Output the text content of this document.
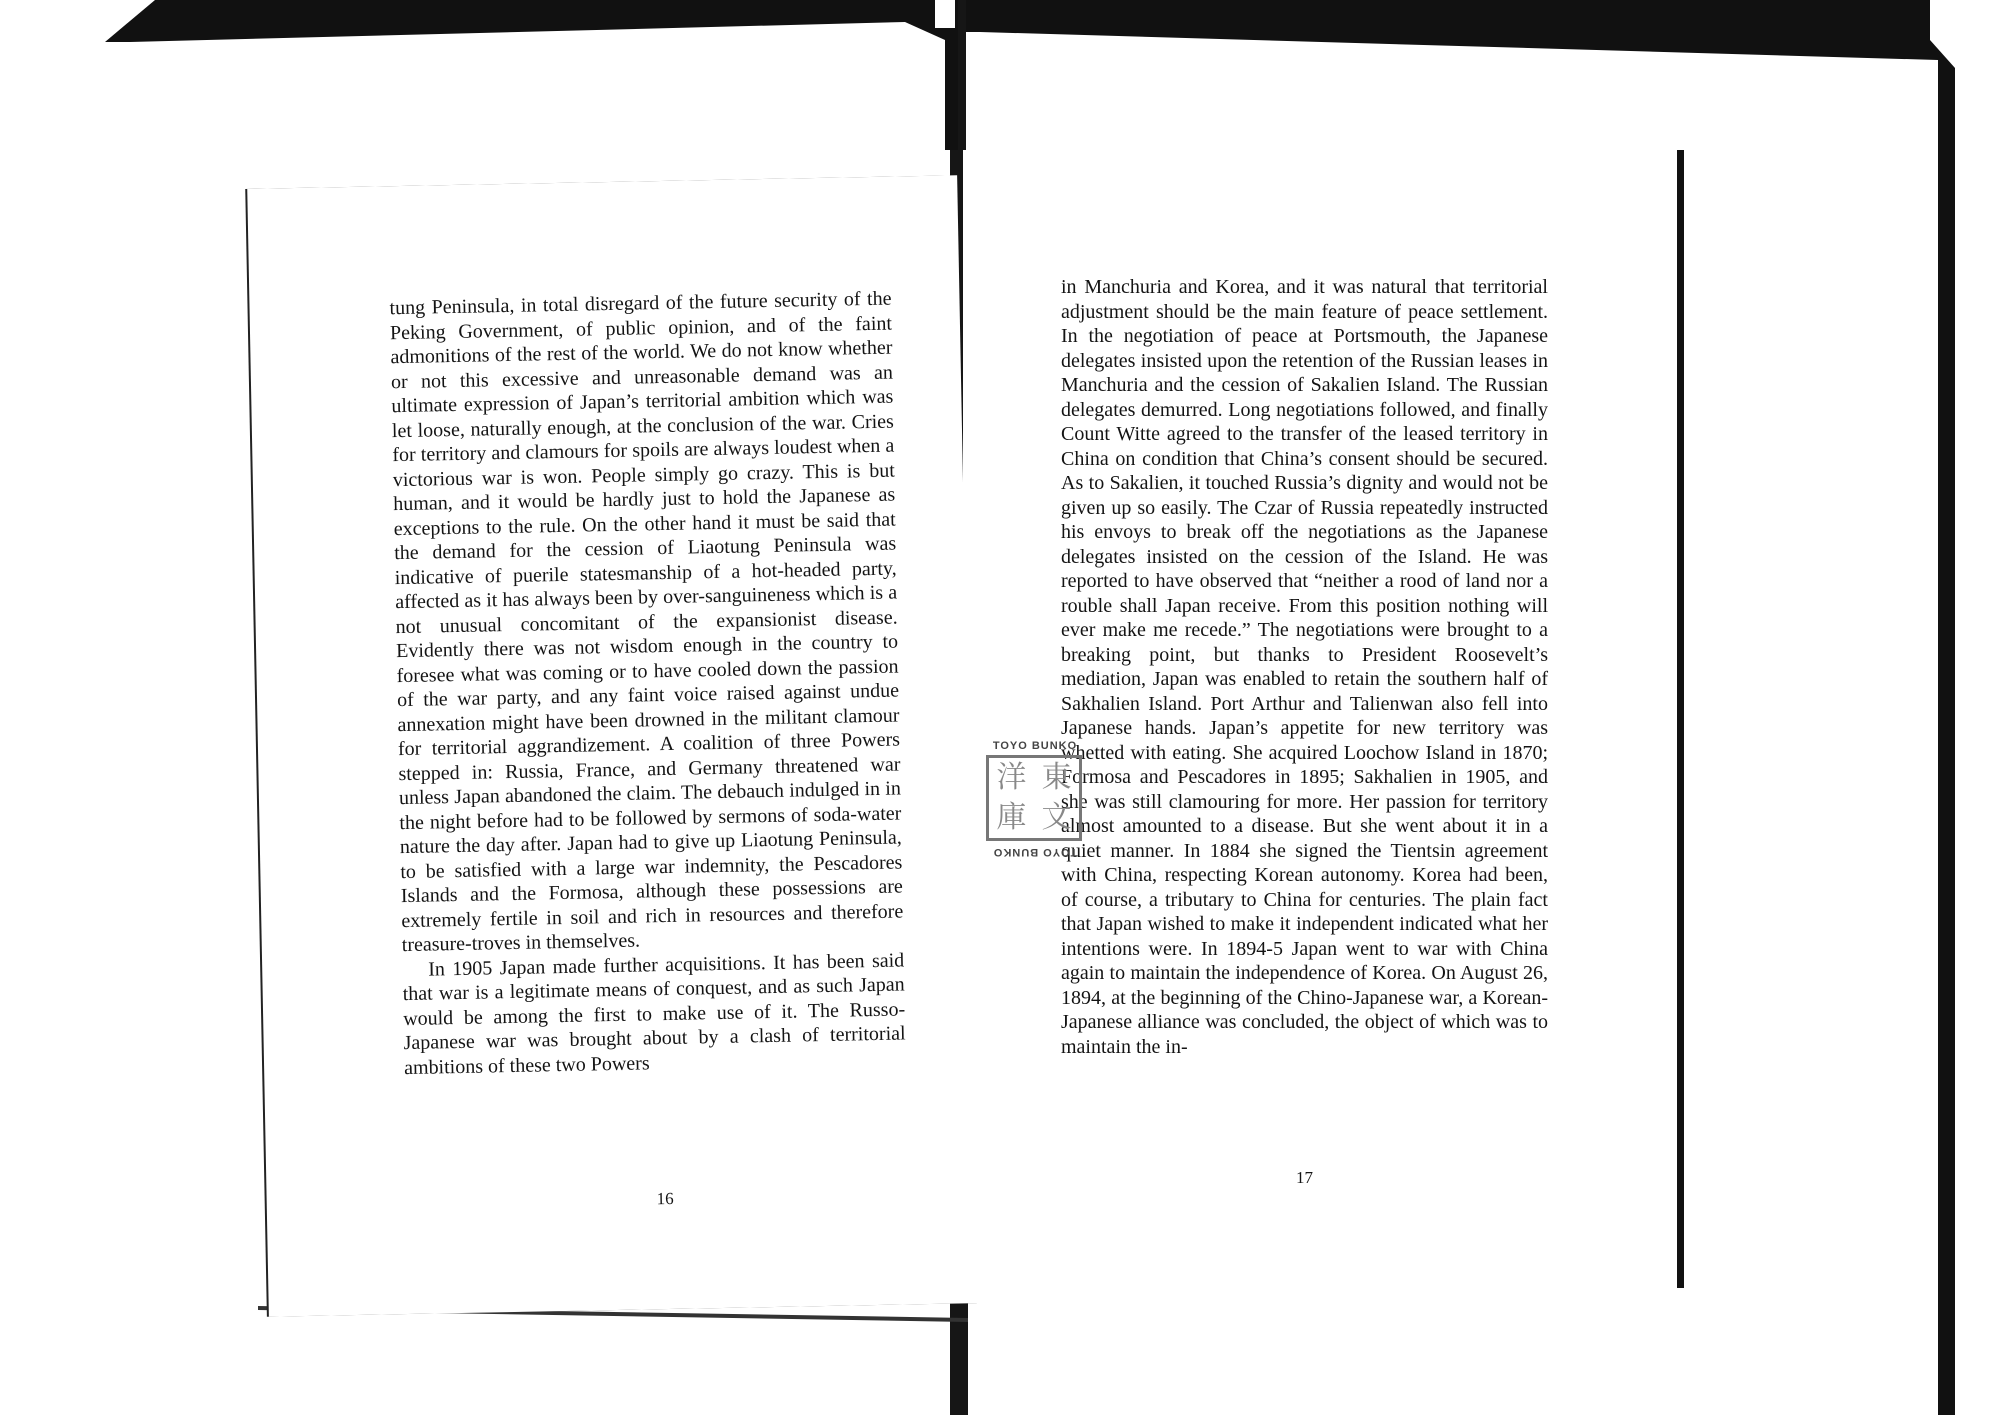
tung Peninsula, in total disregard of the future security of the Peking Government, of public opinion, and of the faint admonitions of the rest of the world. We do not know whether or not this excessive and unreasonable demand was an ultimate expression of Japan’s territorial ambition which was let loose, naturally enough, at the conclusion of the war. Cries for territory and clamours for spoils are always loudest when a victorious war is won. People simply go crazy. This is but human, and it would be hardly just to hold the Japanese as exceptions to the rule. On the other hand it must be said that the demand for the cession of Liaotung Peninsula was indicative of puerile statesmanship of a hot-headed party, affected as it has always been by over-sanguineness which is a not unusual concomitant of the expansionist disease. Evidently there was not wisdom enough in the country to foresee what was coming or to have cooled down the passion of the war party, and any faint voice raised against undue annexation might have been drowned in the militant clamour for territorial aggrandizement. A coalition of three Powers stepped in: Russia, France, and Germany threatened war unless Japan abandoned the claim. The debauch indulged in in the night before had to be followed by sermons of soda-water nature the day after. Japan had to give up Liaotung Peninsula, to be satisfied with a large war indemnity, the Pescadores Islands and the Formosa, although these possessions are extremely fertile in soil and rich in resources and therefore treasure-troves in themselves.

In 1905 Japan made further acquisitions. It has been said that war is a legitimate means of conquest, and as such Japan would be among the first to make use of it. The Russo-Japanese war was brought about by a clash of territorial ambitions of these two Powers

16

in Manchuria and Korea, and it was natural that territorial adjustment should be the main feature of peace settlement. In the negotiation of peace at Portsmouth, the Japanese delegates insisted upon the retention of the Russian leases in Manchuria and the cession of Sakalien Island. The Russian delegates demurred. Long negotiations followed, and finally Count Witte agreed to the transfer of the leased territory in China on condition that China’s consent should be secured. As to Sakalien, it touched Russia’s dignity and would not be given up so easily. The Czar of Russia repeatedly instructed his envoys to break off the negotiations as the Japanese delegates insisted on the cession of the Island. He was reported to have observed that “neither a rood of land nor a rouble shall Japan receive. From this position nothing will ever make me recede.” The negotiations were brought to a breaking point, but thanks to President Roosevelt’s mediation, Japan was enabled to retain the southern half of Sakhalien Island. Port Arthur and Talienwan also fell into Japanese hands. Japan’s appetite for new territory was whetted with eating. She acquired Loochow Island in 1870; Formosa and Pescadores in 1895; Sakhalien in 1905, and she was still clamouring for more. Her passion for territory almost amounted to a disease. But she went about it in a quiet manner. In 1884 she signed the Tientsin agreement with China, respecting Korean autonomy. Korea had been, of course, a tributary to China for centuries. The plain fact that Japan wished to make it independent indicated what her intentions were. In 1894-5 Japan went to war with China again to maintain the independence of Korea. On August 26, 1894, at the beginning of the Chino-Japanese war, a Korean-Japanese alliance was concluded, the object of which was to maintain the in-

17
TOYO BUNKO
洋 東
庫 文
TOYO BUNKO
